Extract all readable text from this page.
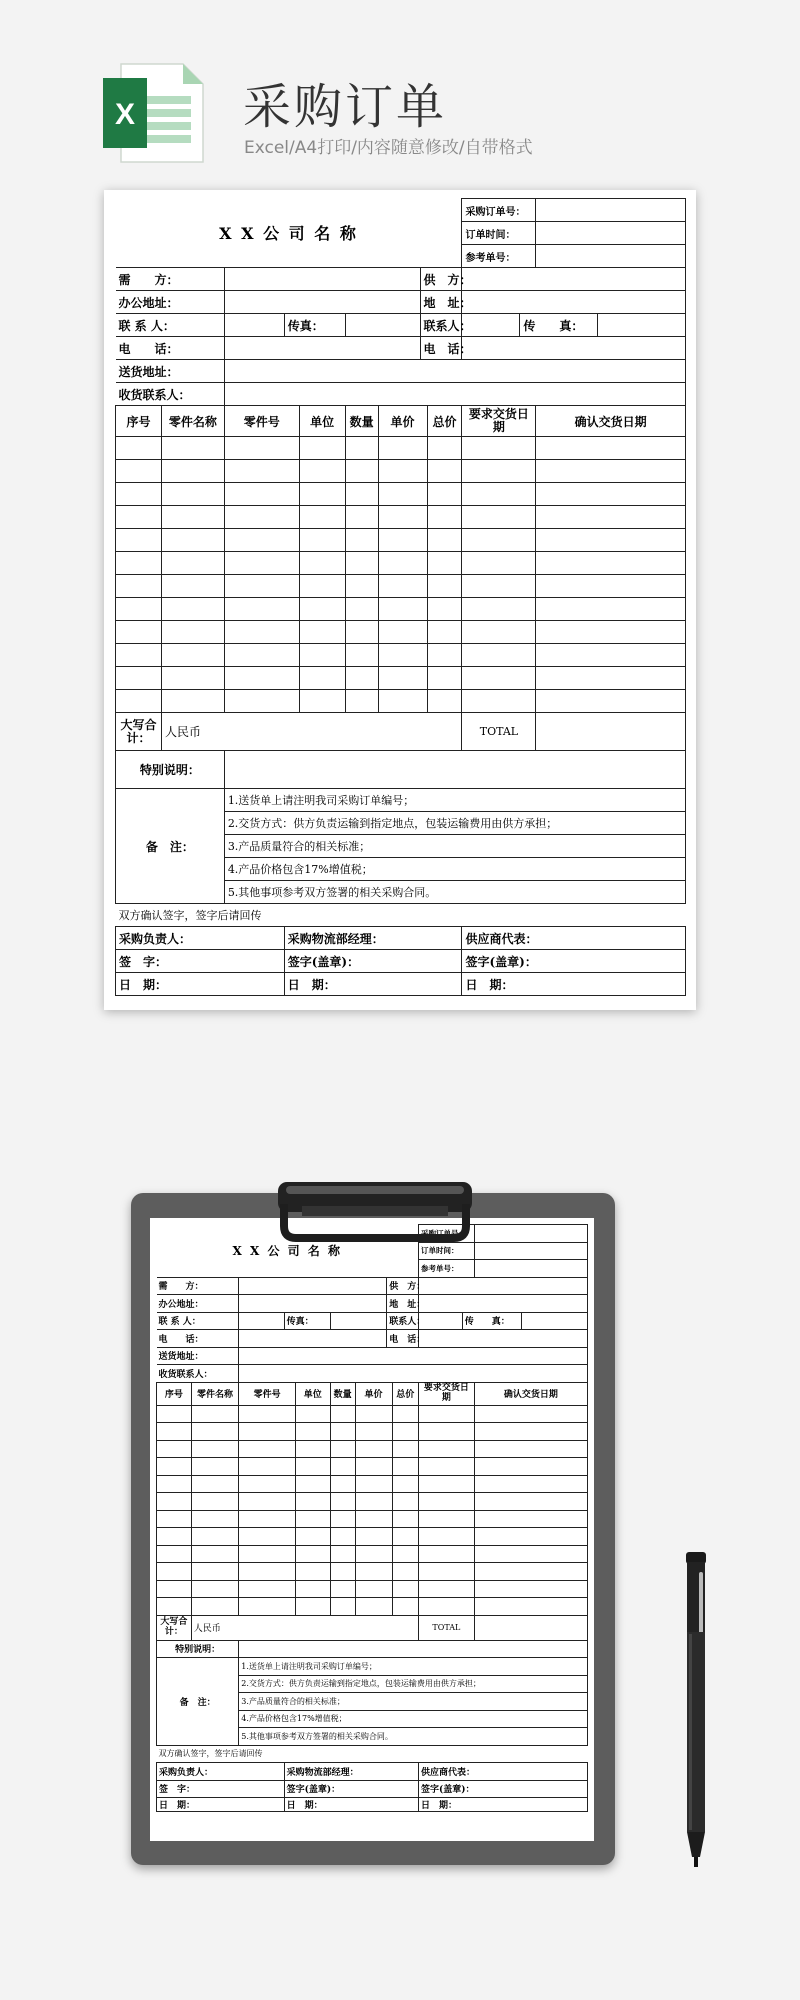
X 采购订单
Excel/A4打印/内容随意修改/自带格式
X X 公 司 名 称									采购订单号：			
									订单时间：			
									参考单号：			
需　　方：							供　方：					
办公地址：							地　址：					
联 系 人：			传真：				联系人：			传　　真：		
电　　话：							电　话：					
送货地址：												
收货联系人：												
序号	零件名称	零件号		单位	数量	单价		总价	要求交货日期		确认交货日期	

大写合计：	人民币								TOTAL			
特别说明：												
备　注：		1.送货单上请注明我司采购订单编号；										
		2.交货方式：供方负责运输到指定地点，包装运输费用由供方承担；										
		3.产品质量符合的相关标准；										
		4.产品价格包含17%增值税；										
		5.其他事项参考双方签署的相关采购合同。										
双方确认签字，签字后请回传												
采购负责人：			采购物流部经理：						供应商代表：			
签　字：			签字(盖章)：						签字(盖章)：			
日　期：			日　期：						日　期：			
X X 公 司 名 称									采购订单号：			
									订单时间：			
									参考单号：			
需　　方：							供　方：					
办公地址：							地　址：					
联 系 人：			传真：				联系人：			传　　真：		
电　　话：							电　话：					
送货地址：												
收货联系人：												
序号	零件名称	零件号		单位	数量	单价		总价	要求交货日期		确认交货日期	

大写合计：	人民币								TOTAL			
特别说明：												
备　注：		1.送货单上请注明我司采购订单编号；										
		2.交货方式：供方负责运输到指定地点，包装运输费用由供方承担；										
		3.产品质量符合的相关标准；										
		4.产品价格包含17%增值税；										
		5.其他事项参考双方签署的相关采购合同。										
双方确认签字，签字后请回传												
采购负责人：			采购物流部经理：						供应商代表：			
签　字：			签字(盖章)：						签字(盖章)：			
日　期：			日　期：						日　期：			
